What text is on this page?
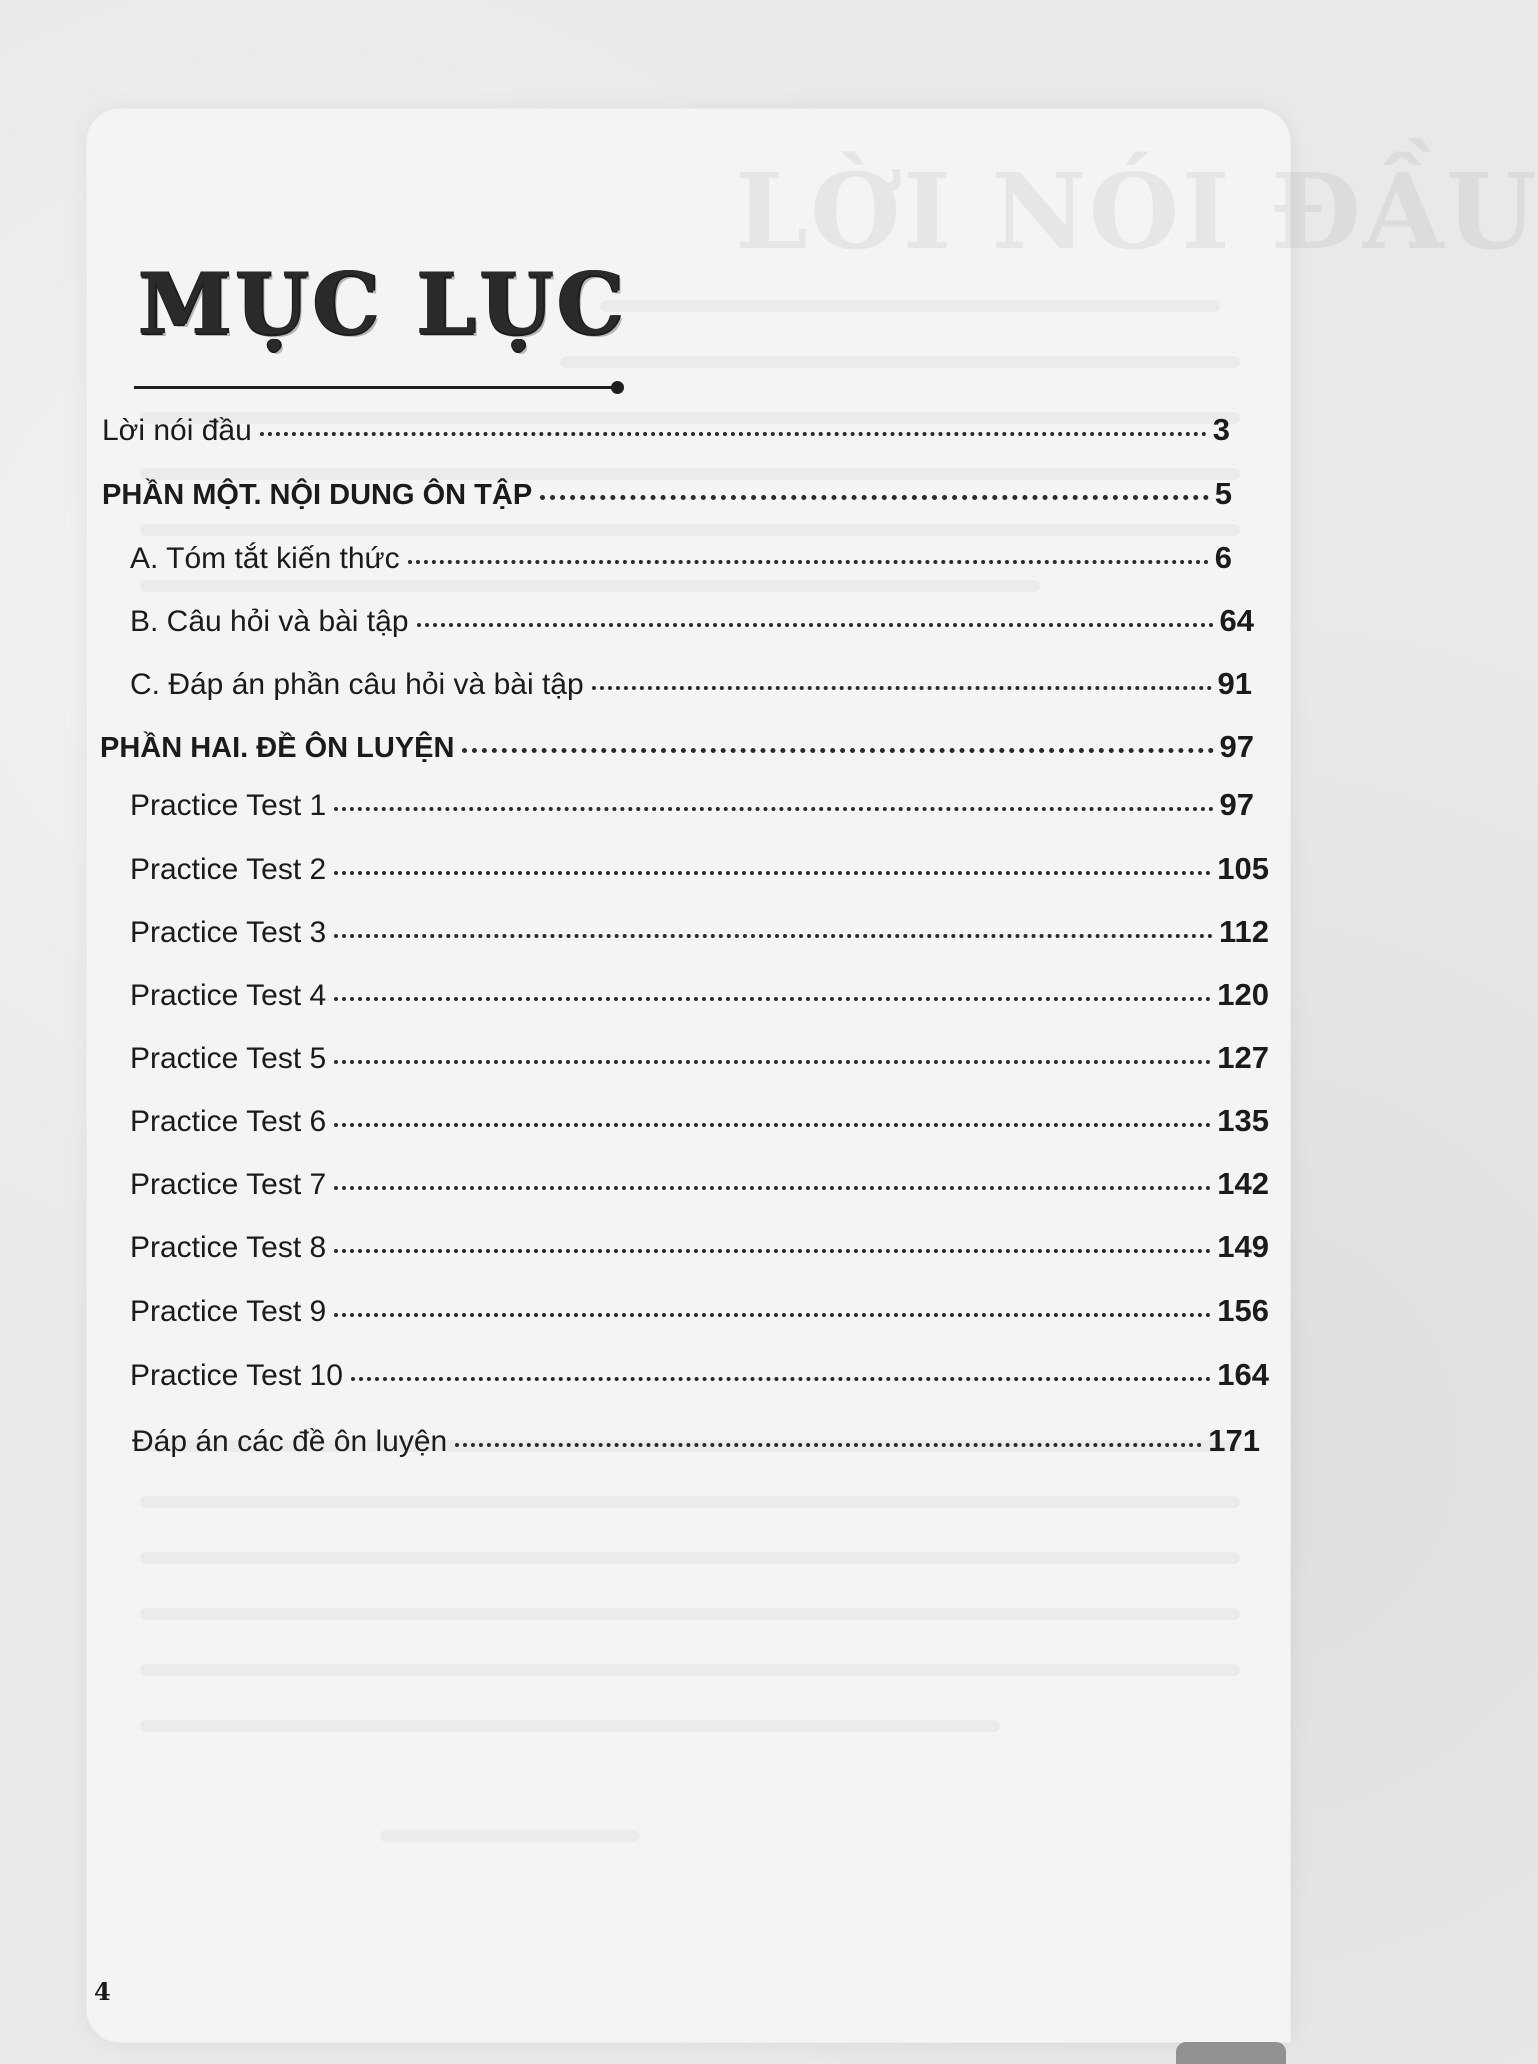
LỜI NÓI ĐẦU
MỤC LỤC
Lời nói đầu	3
PHẦN MỘT. NỘI DUNG ÔN TẬP	5
A. Tóm tắt kiến thức	6
B. Câu hỏi và bài tập	64
C. Đáp án phần câu hỏi và bài tập	91
PHẦN HAI. ĐỀ ÔN LUYỆN	97
Practice Test 1	97
Practice Test 2	105
Practice Test 3	112
Practice Test 4	120
Practice Test 5	127
Practice Test 6	135
Practice Test 7	142
Practice Test 8	149
Practice Test 9	156
Practice Test 10	164
Đáp án các đề ôn luyện	171
4
